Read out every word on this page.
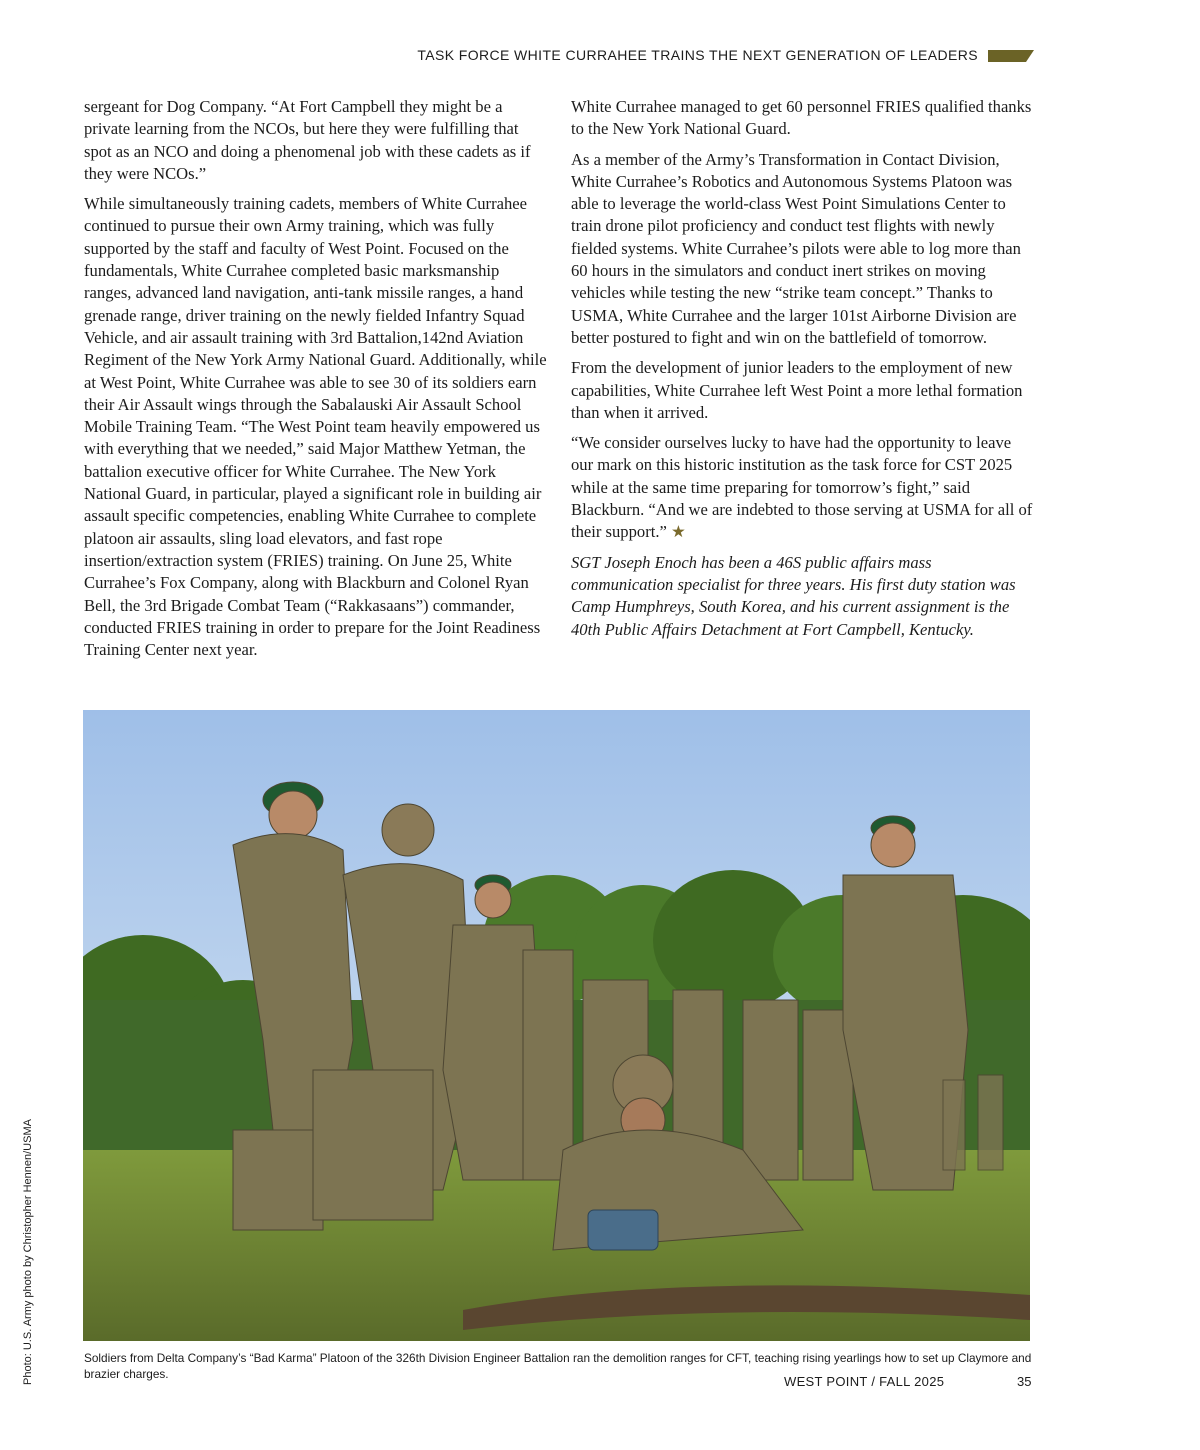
TASK FORCE WHITE CURRAHEE TRAINS THE NEXT GENERATION OF LEADERS

sergeant for Dog Company. “At Fort Campbell they might be a private learning from the NCOs, but here they were fulfilling that spot as an NCO and doing a phenomenal job with these cadets as if they were NCOs.”

While simultaneously training cadets, members of White Currahee continued to pursue their own Army training, which was fully supported by the staff and faculty of West Point. Focused on the fundamentals, White Currahee completed basic marksmanship ranges, advanced land navigation, anti-tank missile ranges, a hand grenade range, driver training on the newly fielded Infantry Squad Vehicle, and air assault training with 3rd Battalion,142nd Aviation Regiment of the New York Army National Guard. Additionally, while at West Point, White Currahee was able to see 30 of its soldiers earn their Air Assault wings through the Sabalauski Air Assault School Mobile Training Team. “The West Point team heavily empowered us with everything that we needed,” said Major Matthew Yetman, the battalion executive officer for White Currahee. The New York National Guard, in particular, played a significant role in building air assault specific competencies, enabling White Currahee to complete platoon air assaults, sling load elevators, and fast rope insertion/extraction system (FRIES) training. On June 25, White Currahee’s Fox Company, along with Blackburn and Colonel Ryan Bell, the 3rd Brigade Combat Team (“Rakkasaans”) commander, conducted FRIES training in order to prepare for the Joint Readiness Training Center next year.

White Currahee managed to get 60 personnel FRIES qualified thanks to the New York National Guard.

As a member of the Army’s Transformation in Contact Division, White Currahee’s Robotics and Autonomous Systems Platoon was able to leverage the world-class West Point Simulations Center to train drone pilot proficiency and conduct test flights with newly fielded systems. White Currahee’s pilots were able to log more than 60 hours in the simulators and conduct inert strikes on moving vehicles while testing the new “strike team concept.” Thanks to USMA, White Currahee and the larger 101st Airborne Division are better postured to fight and win on the battlefield of tomorrow.

From the development of junior leaders to the employment of new capabilities, White Currahee left West Point a more lethal formation than when it arrived.

“We consider ourselves lucky to have had the opportunity to leave our mark on this historic institution as the task force for CST 2025 while at the same time preparing for tomorrow’s fight,” said Blackburn. “And we are indebted to those serving at USMA for all of their support.” ★

SGT Joseph Enoch has been a 46S public affairs mass communication specialist for three years. His first duty station was Camp Humphreys, South Korea, and his current assignment is the 40th Public Affairs Detachment at Fort Campbell, Kentucky.

Soldiers from Delta Company’s “Bad Karma” Platoon of the 326th Division Engineer Battalion ran the demolition ranges for CFT, teaching rising yearlings how to set up Claymore and brazier charges.
Photo: U.S. Army photo by Christopher Hennen/USMA	WEST POINT / FALL 2025	35
